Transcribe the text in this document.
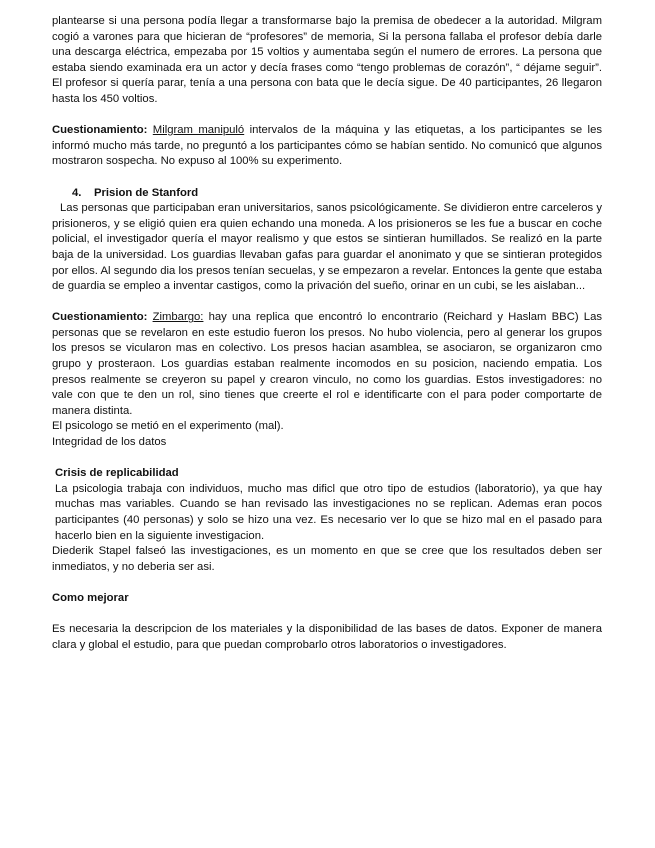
plantearse si una persona podía llegar a transformarse bajo la premisa de obedecer a la autoridad. Milgram cogió a varones para que hicieran de “profesores” de memoria, Si la persona fallaba el profesor debía darle una descarga eléctrica, empezaba por 15 voltios y aumentaba según el numero de errores. La persona que estaba siendo examinada era un actor y decía frases como “tengo problemas de corazón”, “ déjame seguir”. El profesor si quería parar, tenía a una persona con bata que le decía sigue. De 40 participantes, 26 llegaron hasta los 450 voltios.

Cuestionamiento: Milgram manipuló intervalos de la máquina y las etiquetas, a los participantes se les informó mucho más tarde, no preguntó a los participantes cómo se habían sentido. No comunicó que algunos mostraron sospecha. No expuso al 100% su experimento.

4.    Prision de Stanford

Las personas que participaban eran universitarios, sanos psicológicamente. Se dividieron entre carceleros y prisioneros, y se eligió quien era quien echando una moneda. A los prisioneros se les fue a buscar en coche policial, el investigador quería el mayor realismo y que estos se sintieran humillados. Se realizó en la parte baja de la universidad. Los guardias llevaban gafas para guardar el anonimato y que se sintieran protegidos por ellos. Al segundo dia los presos tenían secuelas, y se empezaron a revelar. Entonces la gente que estaba de guardia se empleo a inventar castigos, como la privación del sueño, orinar en un cubi, se les aislaban...

Cuestionamiento: Zimbargo: hay una replica que encontró lo encontrario (Reichard y Haslam BBC) Las personas que se revelaron en este estudio fueron los presos. No hubo violencia, pero al generar los grupos los presos se vicularon mas en colectivo. Los presos hacian asamblea, se asociaron, se organizaron cmo grupo y prosteraon. Los guardias estaban realmente incomodos en su posicion, naciendo empatia. Los presos realmente se creyeron su papel y crearon vinculo, no como los guardias. Estos investigadores: no vale con que te den un rol, sino tienes que creerte el rol e identificarte con el para poder comportarte de manera distinta.

El psicologo se metió en el experimento (mal).

Integridad de los datos

Crisis de replicabilidad

La psicologia trabaja con individuos, mucho mas dificl que otro tipo de estudios (laboratorio), ya que hay muchas mas variables. Cuando se han revisado las investigaciones no se replican. Ademas eran pocos participantes (40 personas) y solo se hizo una vez. Es necesario ver lo que se hizo mal en el pasado para hacerlo bien en la siguiente investigacion.

Diederik Stapel falseó las investigaciones, es un momento en que se cree que los resultados deben ser inmediatos, y no deberia ser asi.

Como mejorar

Es necesaria la descripcion de los materiales y la disponibilidad de las bases de datos. Exponer de manera clara y global el estudio, para que puedan comprobarlo otros laboratorios o investigadores.
